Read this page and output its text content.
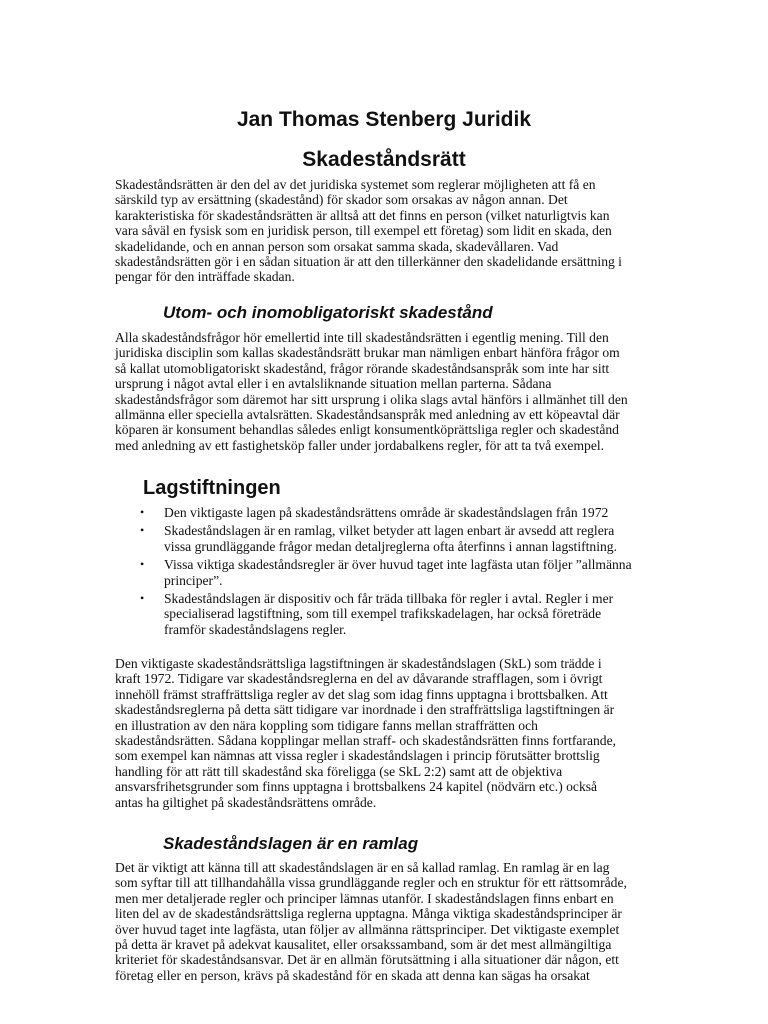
Jan Thomas Stenberg Juridik
Skadeståndsrätt
Skadeståndsrätten är den del av det juridiska systemet som reglerar möjligheten att få en
särskild typ av ersättning (skadestånd) för skador som orsakas av någon annan. Det
karakteristiska för skadeståndsrätten är alltså att det finns en person (vilket naturligtvis kan
vara såväl en fysisk som en juridisk person, till exempel ett företag) som lidit en skada, den
skadelidande, och en annan person som orsakat samma skada, skadevållaren. Vad
skadeståndsrätten gör i en sådan situation är att den tillerkänner den skadelidande ersättning i
pengar för den inträffade skadan.
Utom- och inomobligatoriskt skadestånd
Alla skadeståndsfrågor hör emellertid inte till skadeståndsrätten i egentlig mening. Till den
juridiska disciplin som kallas skadeståndsrätt brukar man nämligen enbart hänföra frågor om
så kallat utomobligatoriskt skadestånd, frågor rörande skadeståndsanspråk som inte har sitt
ursprung i något avtal eller i en avtalsliknande situation mellan parterna. Sådana
skadeståndsfrågor som däremot har sitt ursprung i olika slags avtal hänförs i allmänhet till den
allmänna eller speciella avtalsrätten. Skadeståndsanspråk med anledning av ett köpeavtal där
köparen är konsument behandlas således enligt konsumentköprättsliga regler och skadestånd
med anledning av ett fastighetsköp faller under jordabalkens regler, för att ta två exempel.
Lagstiftningen
• Den viktigaste lagen på skadeståndsrättens område är skadeståndslagen från 1972
• Skadeståndslagen är en ramlag, vilket betyder att lagen enbart är avsedd att reglera
vissa grundläggande frågor medan detaljreglerna ofta återfinns i annan lagstiftning.
• Vissa viktiga skadeståndsregler är över huvud taget inte lagfästa utan följer ”allmänna
principer”.
• Skadeståndslagen är dispositiv och får träda tillbaka för regler i avtal. Regler i mer
specialiserad lagstiftning, som till exempel trafikskadelagen, har också företräde
framför skadeståndslagens regler.
Den viktigaste skadeståndsrättsliga lagstiftningen är skadeståndslagen (SkL) som trädde i
kraft 1972. Tidigare var skadeståndsreglerna en del av dåvarande strafflagen, som i övrigt
innehöll främst straffrättsliga regler av det slag som idag finns upptagna i brottsbalken. Att
skadeståndsreglerna på detta sätt tidigare var inordnade i den straffrättsliga lagstiftningen är
en illustration av den nära koppling som tidigare fanns mellan straffrätten och
skadeståndsrätten. Sådana kopplingar mellan straff- och skadeståndsrätten finns fortfarande,
som exempel kan nämnas att vissa regler i skadeståndslagen i princip förutsätter brottslig
handling för att rätt till skadestånd ska föreligga (se SkL 2:2) samt att de objektiva
ansvarsfrihetsgrunder som finns upptagna i brottsbalkens 24 kapitel (nödvärn etc.) också
antas ha giltighet på skadeståndsrättens område.
Skadeståndslagen är en ramlag
Det är viktigt att känna till att skadeståndslagen är en så kallad ramlag. En ramlag är en lag
som syftar till att tillhandahålla vissa grundläggande regler och en struktur för ett rättsområde,
men mer detaljerade regler och principer lämnas utanför. I skadeståndslagen finns enbart en
liten del av de skadeståndsrättsliga reglerna upptagna. Många viktiga skadeståndsprinciper är
över huvud taget inte lagfästa, utan följer av allmänna rättsprinciper. Det viktigaste exemplet
på detta är kravet på adekvat kausalitet, eller orsakssamband, som är det mest allmängiltiga
kriteriet för skadeståndsansvar. Det är en allmän förutsättning i alla situationer där någon, ett
företag eller en person, krävs på skadestånd för en skada att denna kan sägas ha orsakat
